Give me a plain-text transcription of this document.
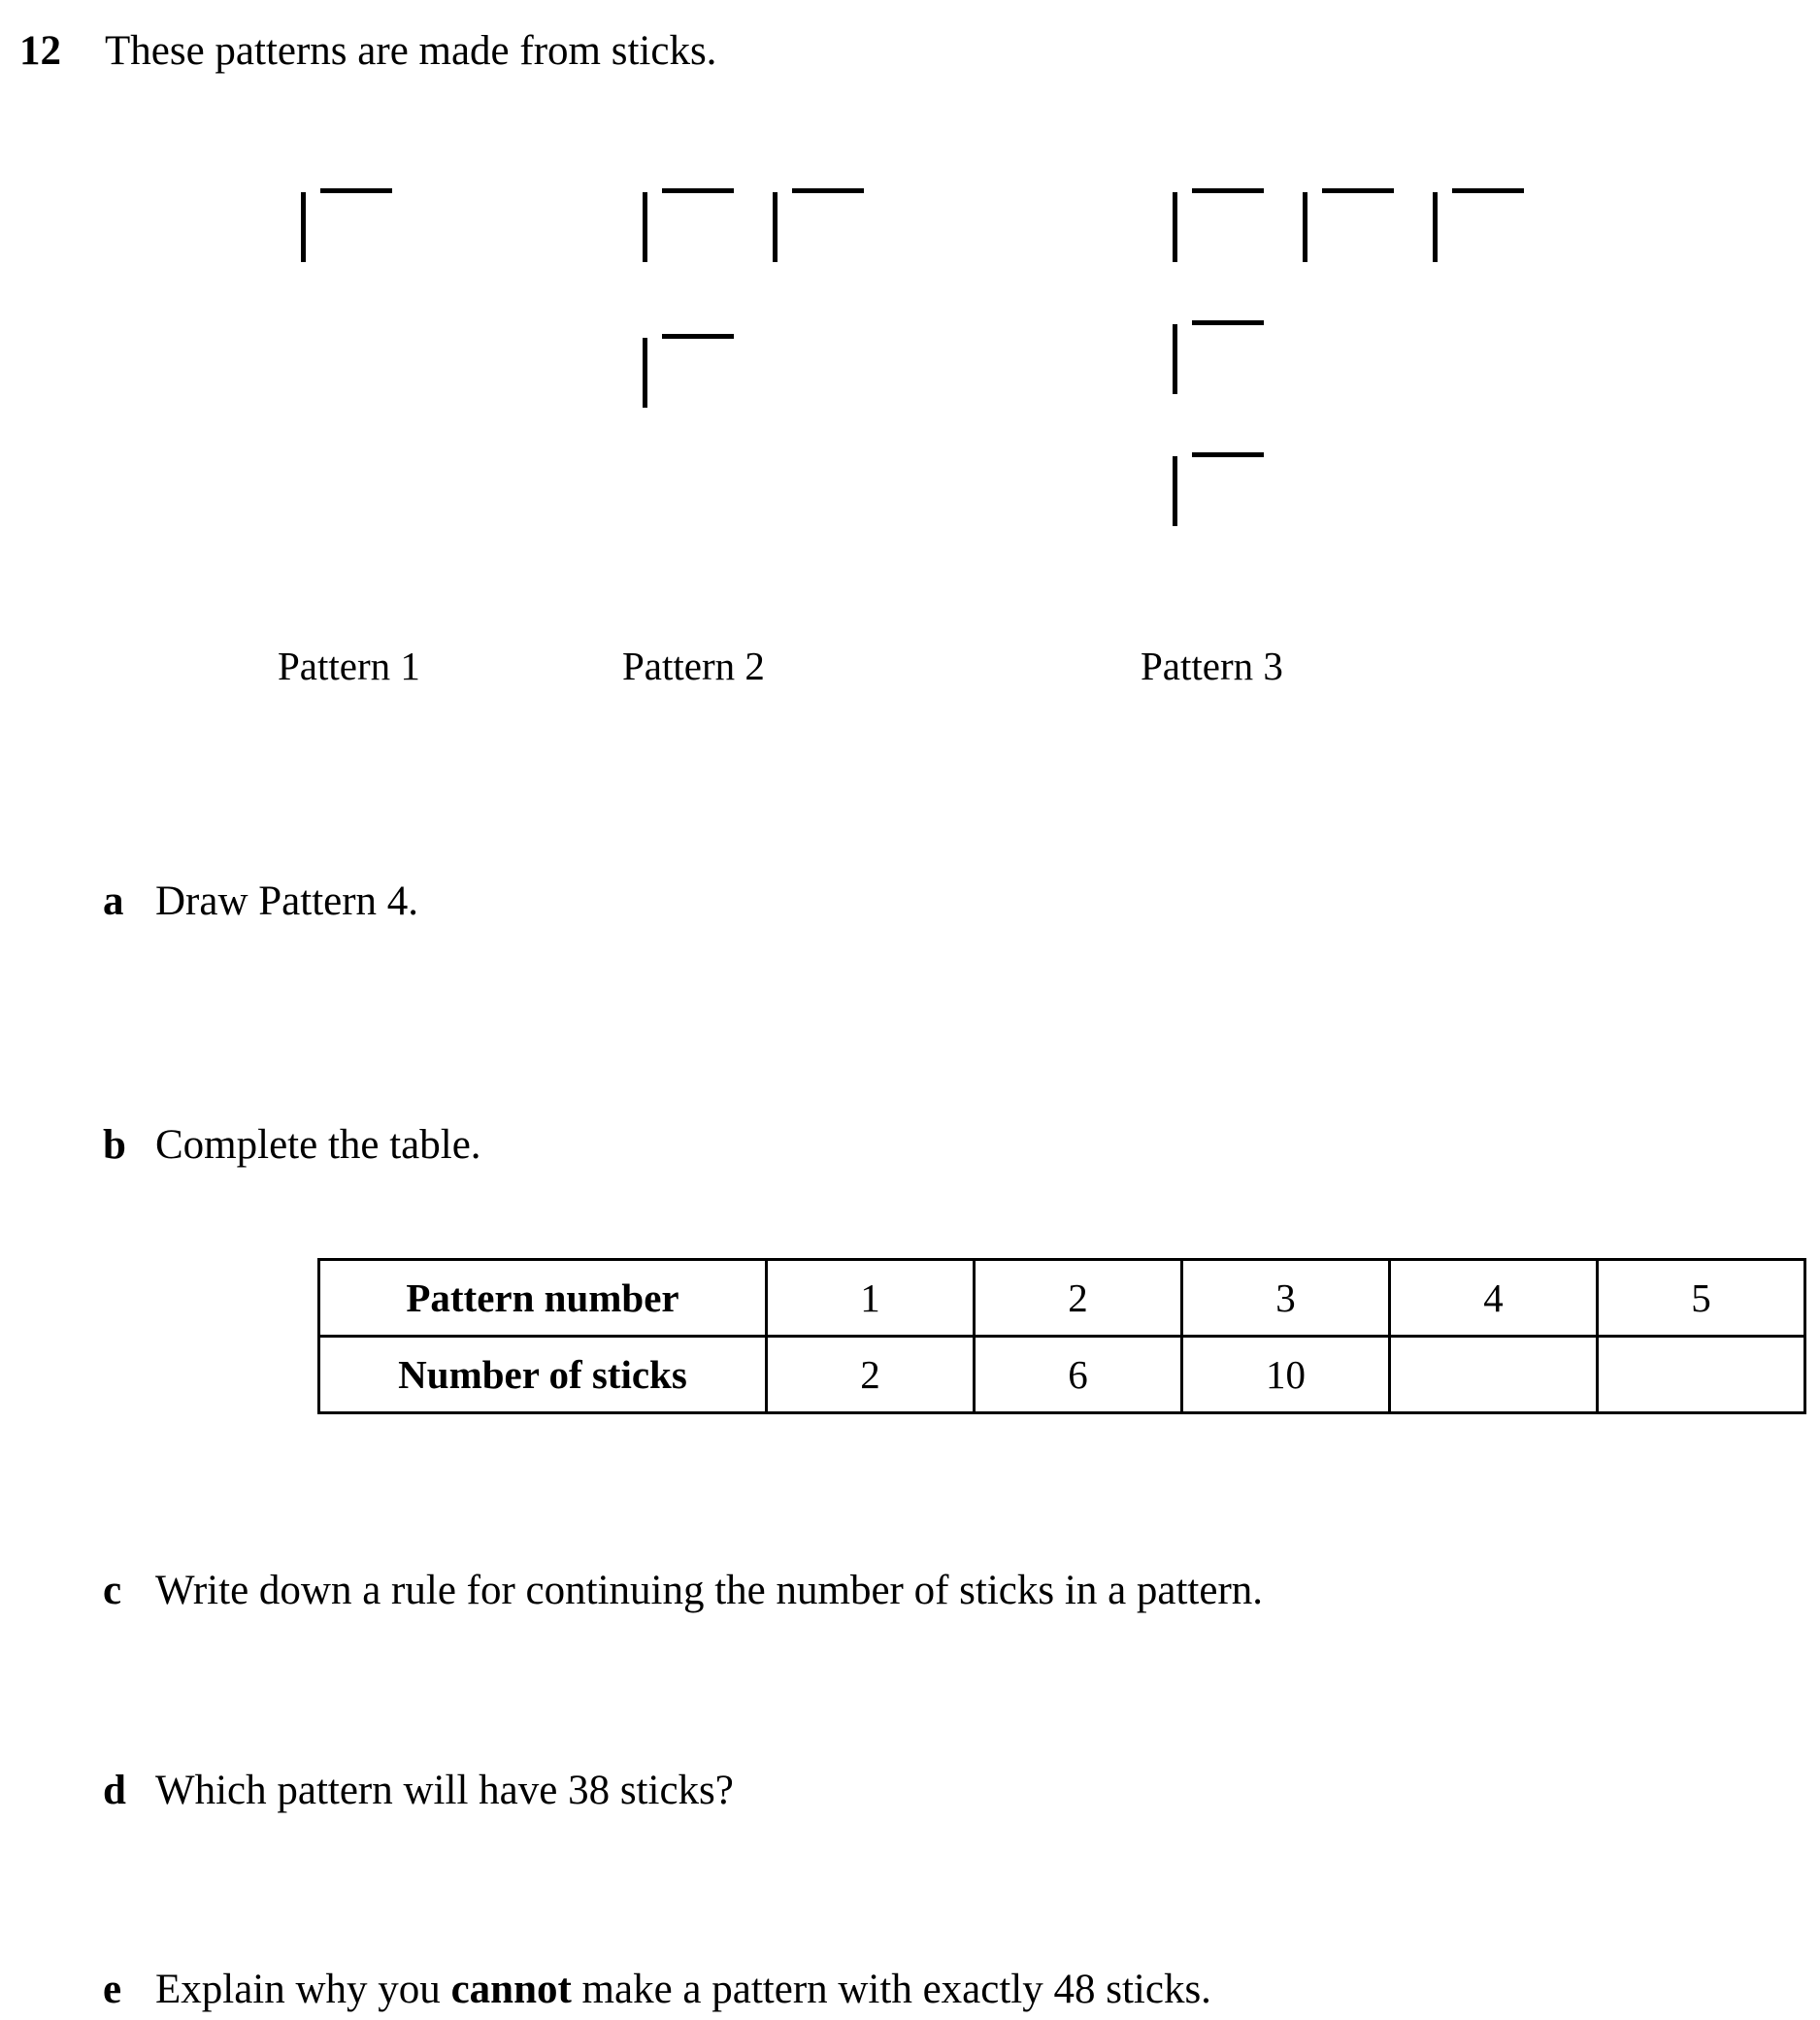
12 These patterns are made from sticks.
Pattern 1	Pattern 2	Pattern 3
a Draw Pattern 4.
b Complete the table.
Pattern number	1	2	3	4	5
Number of sticks	2	6	10		
c Write down a rule for continuing the number of sticks in a pattern.
d Which pattern will have 38 sticks?
e Explain why you cannot make a pattern with exactly 48 sticks.
